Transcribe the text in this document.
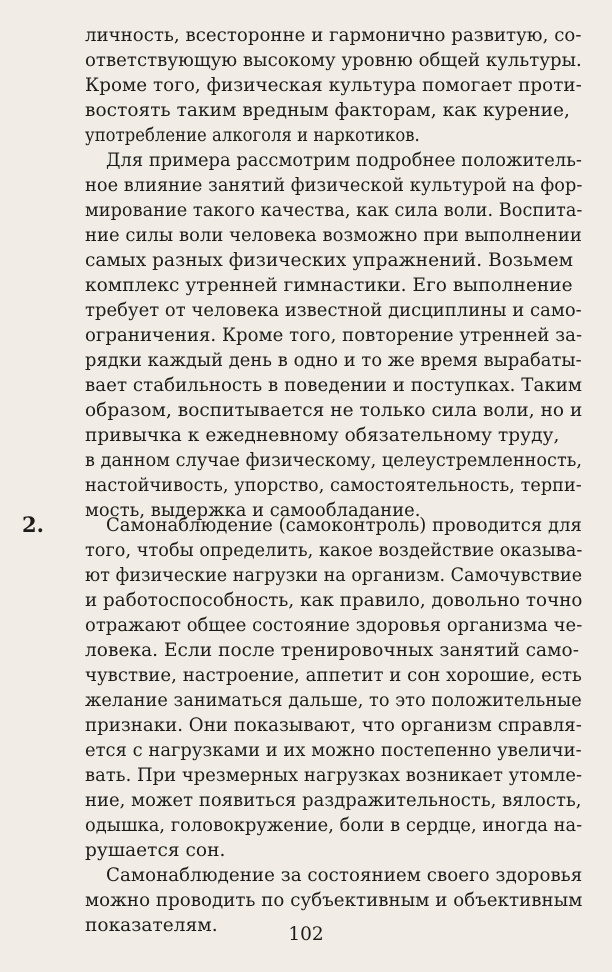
личность, всесторонне и гармонично развитую, со-
ответствующую высокому уровню общей культуры.
Кроме того, физическая культура помогает проти-
востоять таким вредным факторам, как курение,
употребление алкоголя и наркотиков.
Для примера рассмотрим подробнее положитель-
ное влияние занятий физической культурой на фор-
мирование такого качества, как сила воли. Воспита-
ние силы воли человека возможно при выполнении
самых разных физических упражнений. Возьмем
комплекс утренней гимнастики. Его выполнение
требует от человека известной дисциплины и само-
ограничения. Кроме того, повторение утренней за-
рядки каждый день в одно и то же время вырабаты-
вает стабильность в поведении и поступках. Таким
образом, воспитывается не только сила воли, но и
привычка к ежедневному обязательному труду,
в данном случае физическому, целеустремленность,
настойчивость, упорство, самостоятельность, терпи-
мость, выдержка и самообладание.
2.	Самонаблюдение (самоконтроль) проводится для
того, чтобы определить, какое воздействие оказыва-
ют физические нагрузки на организм. Самочувствие
и работоспособность, как правило, довольно точно
отражают общее состояние здоровья организма че-
ловека. Если после тренировочных занятий само-
чувствие, настроение, аппетит и сон хорошие, есть
желание заниматься дальше, то это положительные
признаки. Они показывают, что организм справля-
ется с нагрузками и их можно постепенно увеличи-
вать. При чрезмерных нагрузках возникает утомле-
ние, может появиться раздражительность, вялость,
одышка, головокружение, боли в сердце, иногда на-
рушается сон.
Самонаблюдение за состоянием своего здоровья
можно проводить по субъективным и объективным
показателям.	102
